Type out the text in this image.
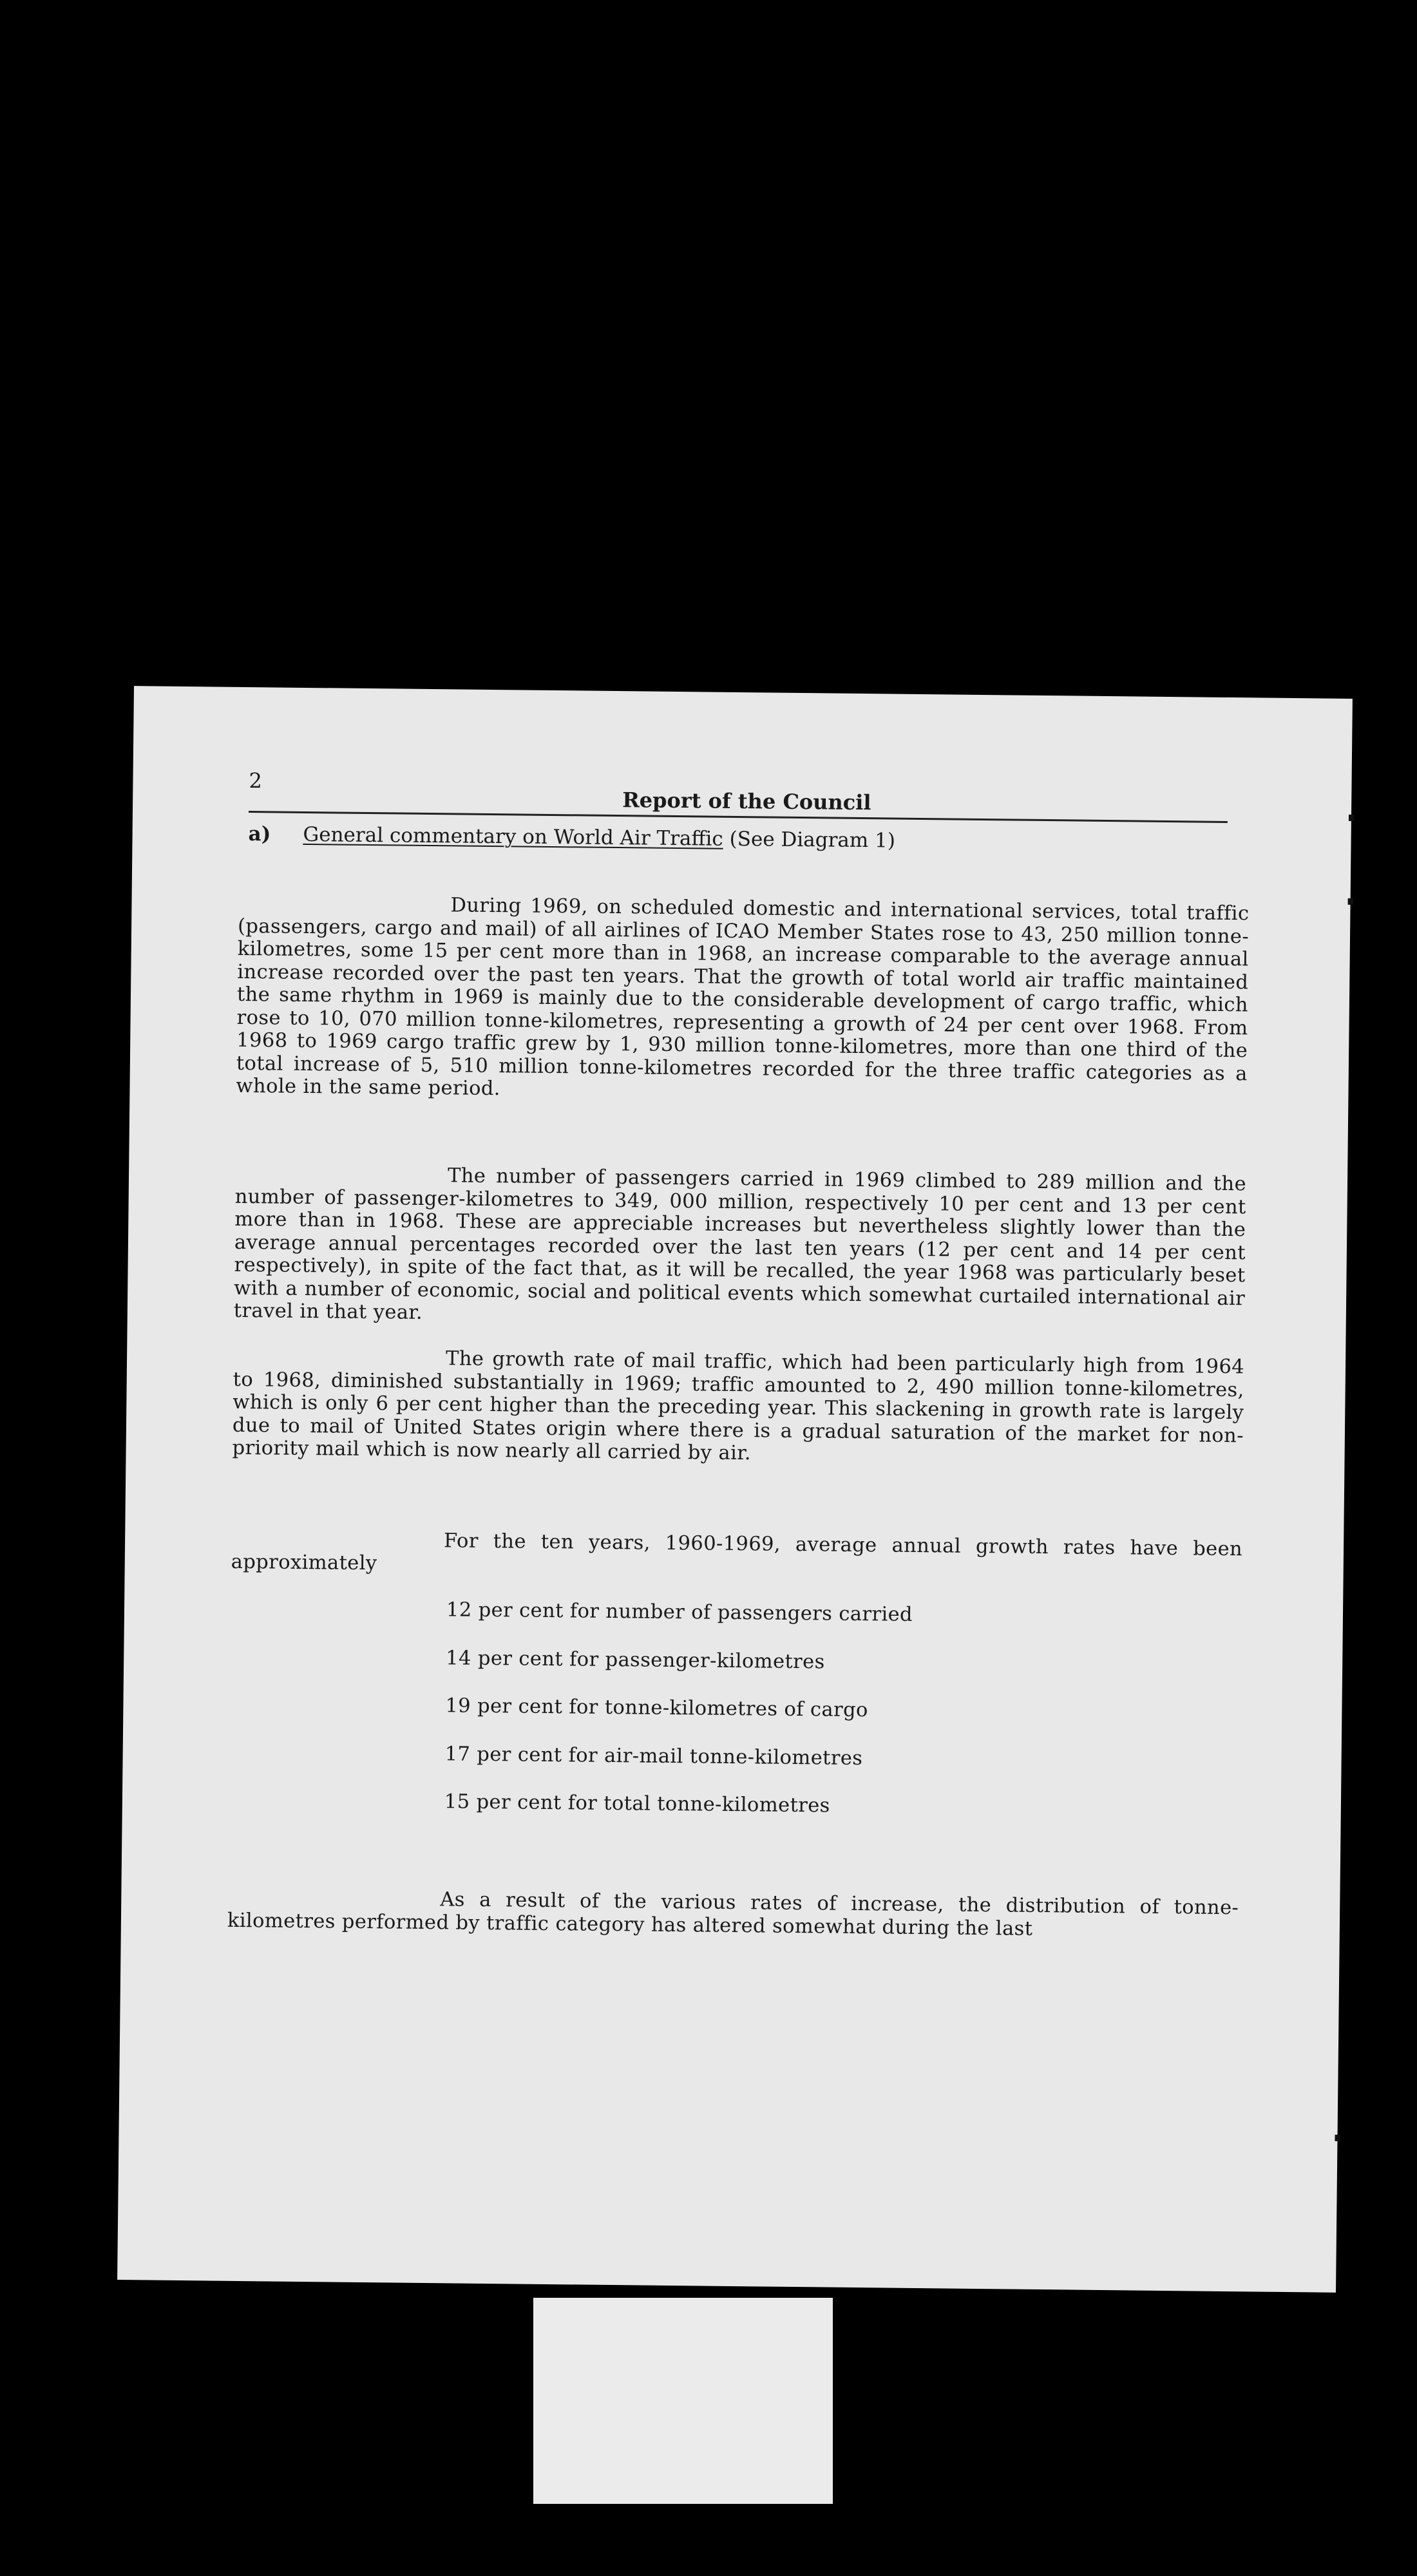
2
Report of the Council
a) General commentary on World Air Traffic (See Diagram 1)

During 1969, on scheduled domestic and international services, total traffic (passengers, cargo and mail) of all airlines of ICAO Member States rose to 43, 250 million tonne-kilometres, some 15 per cent more than in 1968, an increase comparable to the average annual increase recorded over the past ten years. That the growth of total world air traffic maintained the same rhythm in 1969 is mainly due to the considerable development of cargo traffic, which rose to 10, 070 million tonne-kilometres, representing a growth of 24 per cent over 1968. From 1968 to 1969 cargo traffic grew by 1, 930 million tonne-kilometres, more than one third of the total increase of 5, 510 million tonne-kilometres recorded for the three traffic categories as a whole in the same period.

The number of passengers carried in 1969 climbed to 289 million and the number of passenger-kilometres to 349, 000 million, respectively 10 per cent and 13 per cent more than in 1968. These are appreciable increases but nevertheless slightly lower than the average annual percentages recorded over the last ten years (12 per cent and 14 per cent respectively), in spite of the fact that, as it will be recalled, the year 1968 was particularly beset with a number of economic, social and political events which somewhat curtailed international air travel in that year.

The growth rate of mail traffic, which had been particularly high from 1964 to 1968, diminished substantially in 1969; traffic amounted to 2, 490 million tonne-kilometres, which is only 6 per cent higher than the preceding year. This slackening in growth rate is largely due to mail of United States origin where there is a gradual saturation of the market for non-priority mail which is now nearly all carried by air.

For the ten years, 1960-1969, average annual growth rates have been approximately

12 per cent for number of passengers carried
14 per cent for passenger-kilometres
19 per cent for tonne-kilometres of cargo
17 per cent for air-mail tonne-kilometres
15 per cent for total tonne-kilometres

As a result of the various rates of increase, the distribution of tonne-kilometres performed by traffic category has altered somewhat during the last
